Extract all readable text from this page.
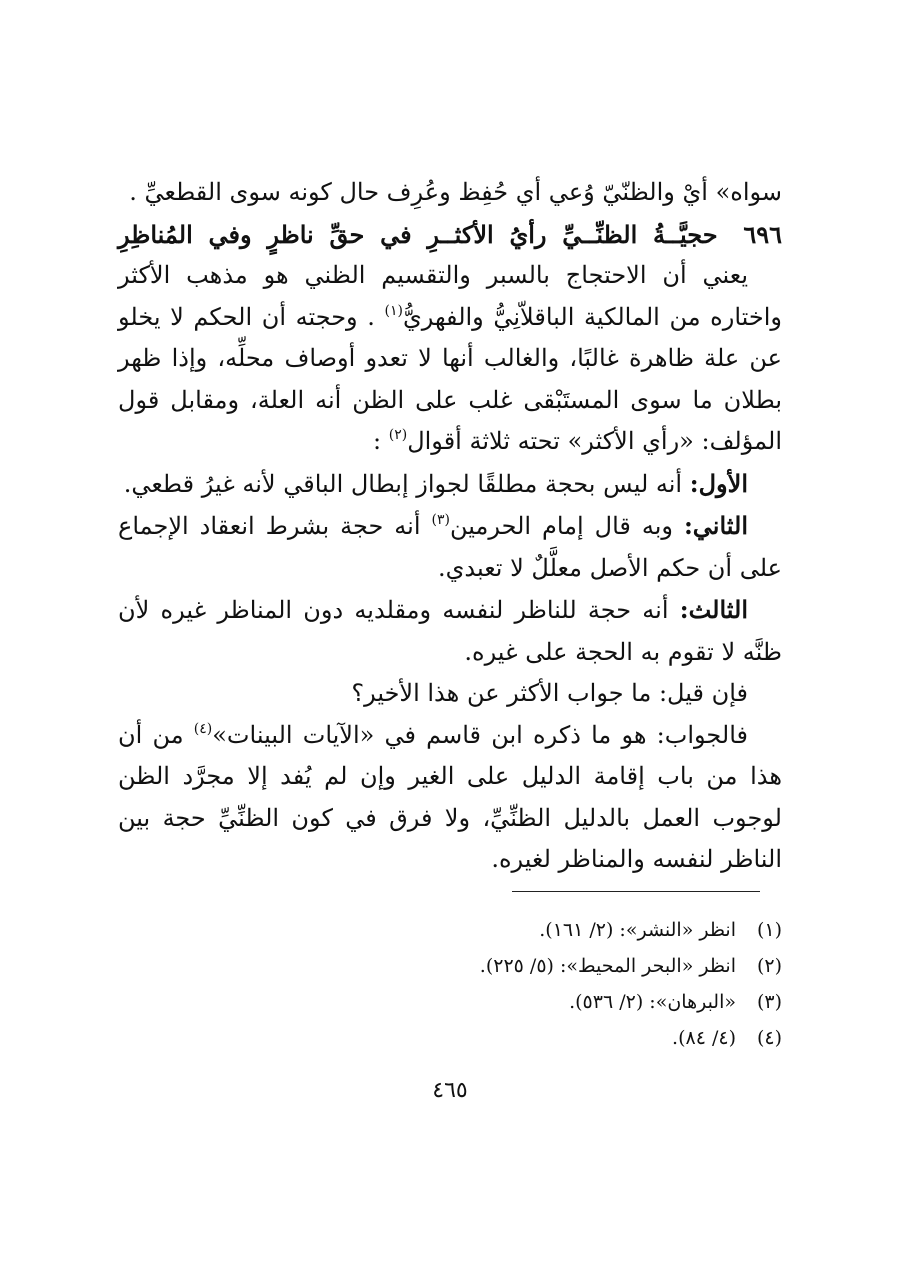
سواه» أيْ والظنّيّ وُعي أي حُفِظ وعُرِف حال كونه سوى القطعيِّ .

٦٩٦ حجيَّــةُ الظنِّــيِّ رأيُ الأكثــرِ في حقِّ ناظرٍ وفي المُناظِرِ

يعني أن الاحتجاج بالسبر والتقسيم الظني هو مذهب الأكثر واختاره من المالكية الباقلاّنِيُّ والفهريُّ$^{(١)}$ . وحجته أن الحكم لا يخلو عن علة ظاهرة غالبًا، والغالب أنها لا تعدو أوصاف محلِّه، وإذا ظهر بطلان ما سوى المستَبْقى غلب على الظن أنه العلة، ومقابل قول المؤلف: «رأي الأكثر» تحته ثلاثة أقوال$^{(٢)}$ :

الأول: أنه ليس بحجة مطلقًا لجواز إبطال الباقي لأنه غيرُ قطعي.

الثاني: وبه قال إمام الحرمين$^{(٣)}$ أنه حجة بشرط انعقاد الإجماع على أن حكم الأصل معلَّلٌ لا تعبدي.

الثالث: أنه حجة للناظر لنفسه ومقلديه دون المناظر غيره لأن ظنَّه لا تقوم به الحجة على غيره.

فإن قيل: ما جواب الأكثر عن هذا الأخير؟

فالجواب: هو ما ذكره ابن قاسم في «الآيات البينات»$^{(٤)}$ من أن هذا من باب إقامة الدليل على الغير وإن لم يُفد إلا مجرَّد الظن لوجوب العمل بالدليل الظنِّيِّ، ولا فرق في كون الظنِّيِّ حجة بين الناظر لنفسه والمناظر لغيره.

(١)انظر «النشر»: (٢/ ١٦١).

(٢)انظر «البحر المحيط»: (٥/ ٢٢٥).

(٣)«البرهان»: (٢/ ٥٣٦).

(٤)(٤/ ٨٤).

٤٦٥
